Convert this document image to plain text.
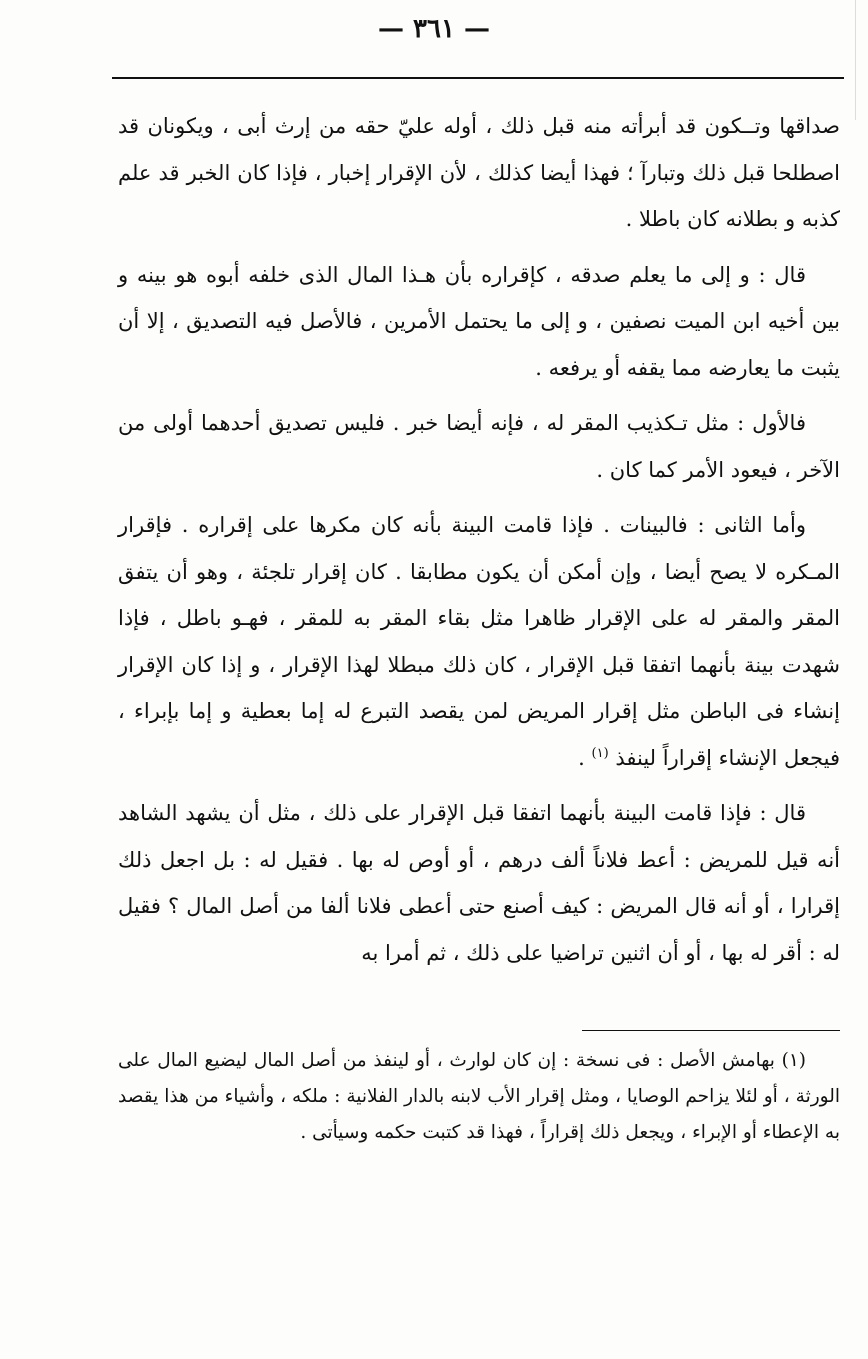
— ٣٦١ —

صداقها وتــكون قد أبرأته منه قبل ذلك ، أوله عليّ حقه من إرث أبى ، ويكونان قد اصطلحا قبل ذلك وتبارآ ؛ فهذا أيضا كذلك ، لأن الإقرار إخبار ، فإذا كان الخبر قد علم كذبه و بطلانه كان باطلا .

قال : و إلى ما يعلم صدقه ، كإقراره بأن هـذا المال الذى خلفه أبوه هو بينه و بين أخيه ابن الميت نصفين ، و إلى ما يحتمل الأمرين ، فالأصل فيه التصديق ، إلا أن يثبت ما يعارضه مما يقفه أو يرفعه .

فالأول : مثل تـكذيب المقر له ، فإنه أيضا خبر . فليس تصديق أحدهما أولى من الآخر ، فيعود الأمر كما كان .

وأما الثانى : فالبينات . فإذا قامت البينة بأنه كان مكرها على إقراره . فإقرار المـكره لا يصح أيضا ، وإن أمكن أن يكون مطابقا . كان إقرار تلجئة ، وهو أن يتفق المقر والمقر له على الإقرار ظاهرا مثل بقاء المقر به للمقر ، فهـو باطل ، فإذا شهدت بينة بأنهما اتفقا قبل الإقرار ، كان ذلك مبطلا لهذا الإقرار ، و إذا كان الإقرار إنشاء فى الباطن مثل إقرار المريض لمن يقصد التبرع له إما بعطية و إما بإبراء ، فيجعل الإنشاء إقراراً لينفذ $^{(١)}$ .

قال : فإذا قامت البينة بأنهما اتفقا قبل الإقرار على ذلك ، مثل أن يشهد الشاهد أنه قيل للمريض : أعط فلاناً ألف درهم ، أو أوص له بها . فقيل له : بل اجعل ذلك إقرارا ، أو أنه قال المريض : كيف أصنع حتى أعطى فلانا ألفا من أصل المال ؟ فقيل له : أقر له بها ، أو أن اثنين تراضيا على ذلك ، ثم أمرا به

(١) بهامش الأصل : فى نسخة : إن كان لوارث ، أو لينفذ من أصل المال ليضيع المال على الورثة ، أو لئلا يزاحم الوصايا ، ومثل إقرار الأب لابنه بالدار الفلانية : ملكه ، وأشياء من هذا يقصد به الإعطاء أو الإبراء ، ويجعل ذلك إقراراً ، فهذا قد كتبت حكمه وسيأتى .
